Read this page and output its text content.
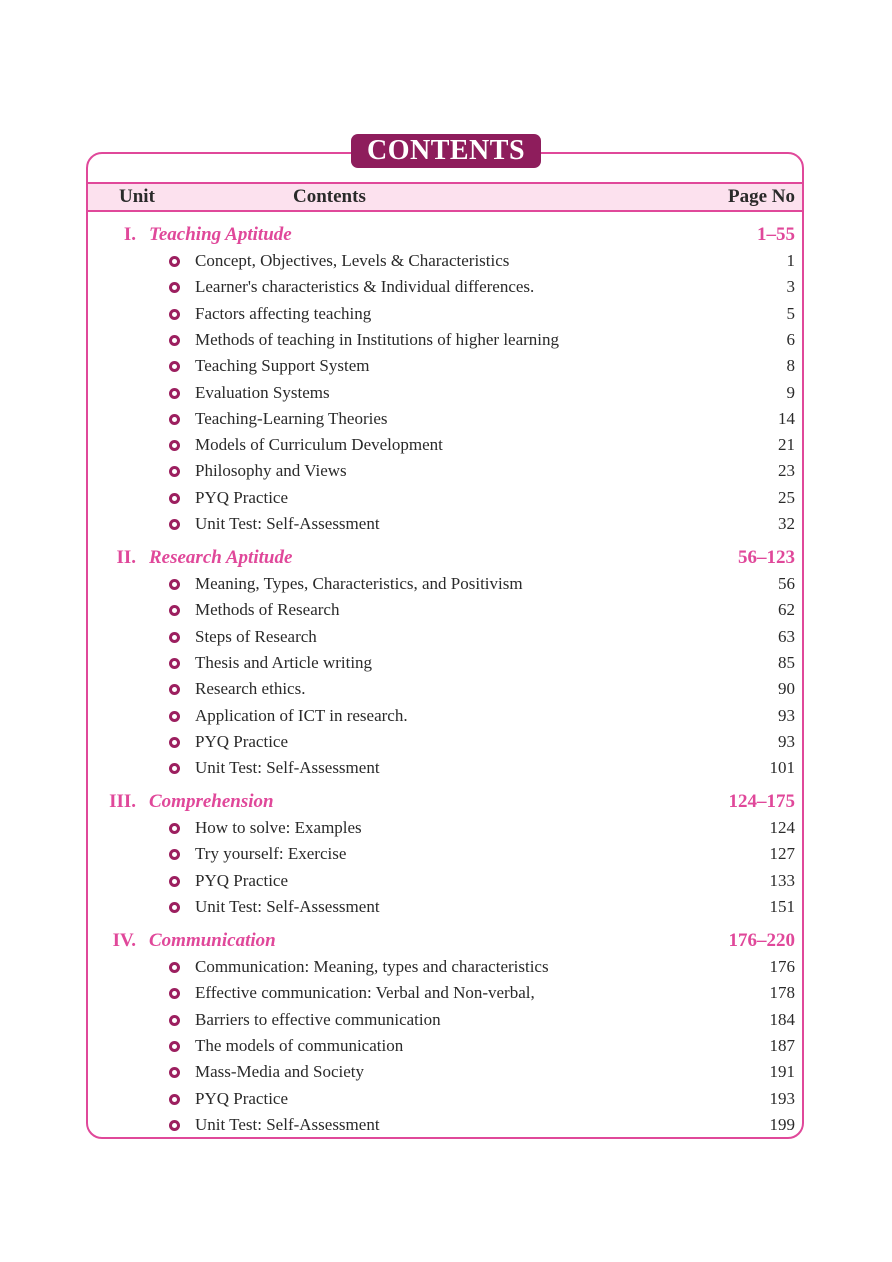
CONTENTS
Unit	Contents	Page No
I. Teaching Aptitude	1–55
Concept, Objectives, Levels & Characteristics	1
Learner's characteristics & Individual differences.	3
Factors affecting teaching	5
Methods of teaching in Institutions of higher learning	6
Teaching Support System	8
Evaluation Systems	9
Teaching-Learning Theories	14
Models of Curriculum Development	21
Philosophy and Views	23
PYQ Practice	25
Unit Test: Self-Assessment	32
II. Research Aptitude	56–123
Meaning, Types, Characteristics, and Positivism	56
Methods of Research	62
Steps of Research	63
Thesis and Article writing	85
Research ethics.	90
Application of ICT in research.	93
PYQ Practice	93
Unit Test: Self-Assessment	101
III. Comprehension	124–175
How to solve: Examples	124
Try yourself: Exercise	127
PYQ Practice	133
Unit Test: Self-Assessment	151
IV. Communication	176–220
Communication: Meaning, types and characteristics	176
Effective communication: Verbal and Non-verbal,	178
Barriers to effective communication	184
The models of communication	187
Mass-Media and Society	191
PYQ Practice	193
Unit Test: Self-Assessment	199
